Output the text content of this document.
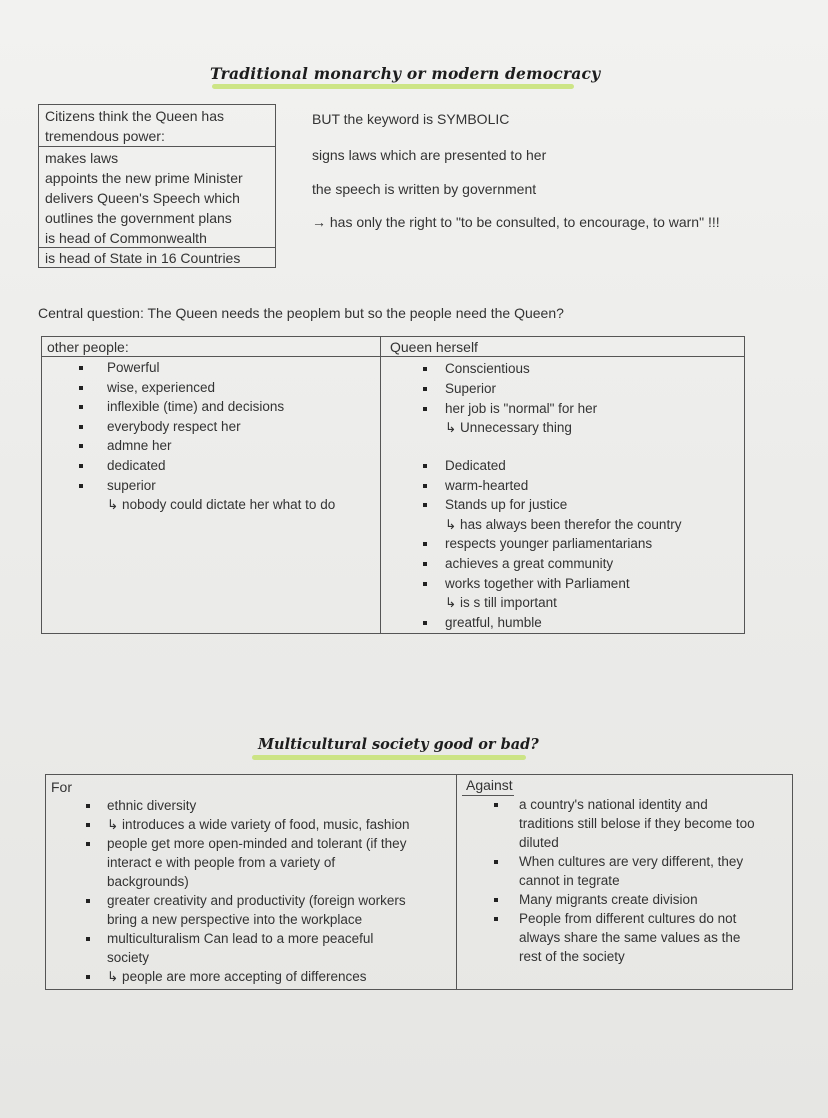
Traditional monarchy or modern democracy
Citizens think the Queen has
tremendous power:
makes laws
appoints the new prime Minister
delivers Queen's Speech which
outlines the government plans
is head of Commonwealth
is head of State in 16 Countries
BUT the keyword is SYMBOLIC
signs laws which are presented to her
the speech is written by government
→ has only the right to "to be consulted, to encourage, to warn" !!!
Central question: The Queen needs the peoplem but so the people need the Queen?
other people:	Queen herself
Powerful
wise, experienced
inflexible (time) and decisions
everybody respect her
admne her
dedicated
superior
↳ nobody could dictate her what to do
Conscientious
Superior
her job is "normal" for her
↳ Unnecessary thing
Dedicated
warm-hearted
Stands up for justice
↳ has always been therefor the country
respects younger parliamentarians
achieves a great community
works together with Parliament
↳ is s till important
greatful, humble
Multicultural society good or bad?
For	Against
ethnic diversity
↳ introduces a wide variety of food, music, fashion
people get more open-minded and tolerant (if they
interact e with people from a variety of
backgrounds)
greater creativity and productivity (foreign workers
bring a new perspective into the workplace
multiculturalism Can lead to a more peaceful
society
↳ people are more accepting of differences
a country's national identity and
traditions still belose if they become too
diluted
When cultures are very different, they
cannot in tegrate
Many migrants create division
People from different cultures do not
always share the same values as the
rest of the society
